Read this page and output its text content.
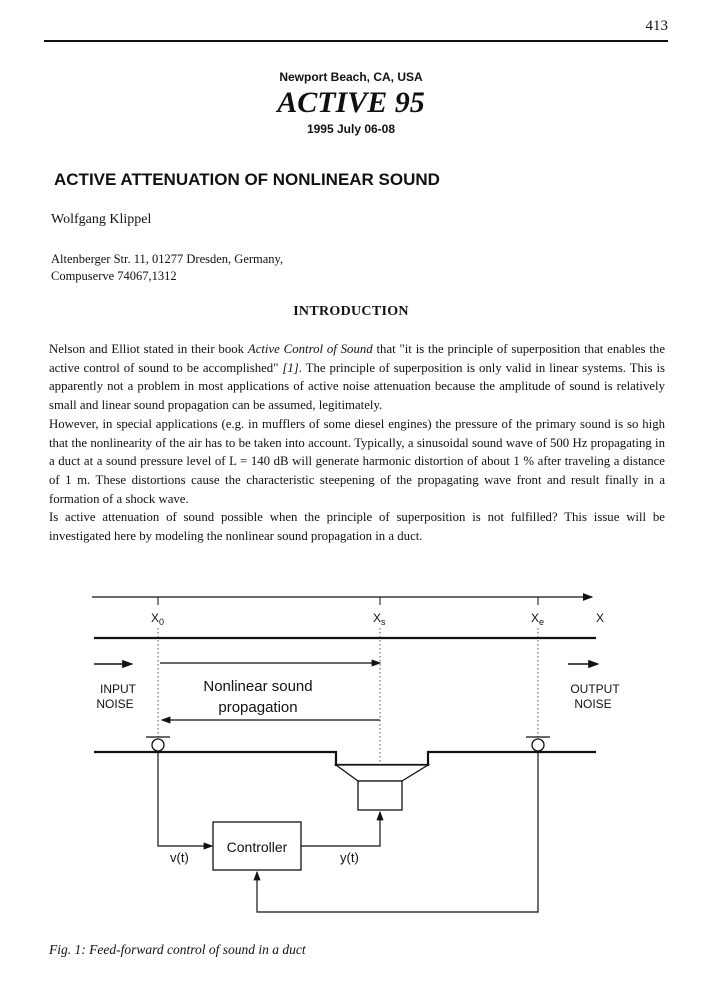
413
Newport Beach, CA, USA
ACTIVE 95
1995 July 06-08
ACTIVE ATTENUATION OF NONLINEAR SOUND
Wolfgang Klippel
Altenberger Str. 11, 01277 Dresden, Germany,
Compuserve 74067,1312
INTRODUCTION

Nelson and Elliot stated in their book Active Control of Sound that "it is the principle of superposition that enables the active control of sound to be accomplished" [1]. The principle of superposition is only valid in linear systems. This is apparently not a problem in most applications of active noise attenuation because the amplitude of sound is relatively small and linear sound propagation can be assumed, legitimately.

However, in special applications (e.g. in mufflers of some diesel engines) the pressure of the primary sound is so high that the nonlinearity of the air has to be taken into account. Typically, a sinusoidal sound wave of 500 Hz propagating in a duct at a sound pressure level of L = 140 dB will generate harmonic distortion of about 1 % after traveling a distance of 1 m. These distortions cause the characteristic steepening of the propagating wave front and result finally in a formation of a shock wave.

Is active attenuation of sound possible when the principle of superposition is not fulfilled? This issue will be investigated here by modeling the nonlinear sound propagation in a duct.

$X_0$	$X_s$	$X_e$	X
INPUT
NOISE
OUTPUT
NOISE
Nonlinear sound
propagation
Controller
v(t)	y(t)
Fig. 1: Feed-forward control of sound in a duct
